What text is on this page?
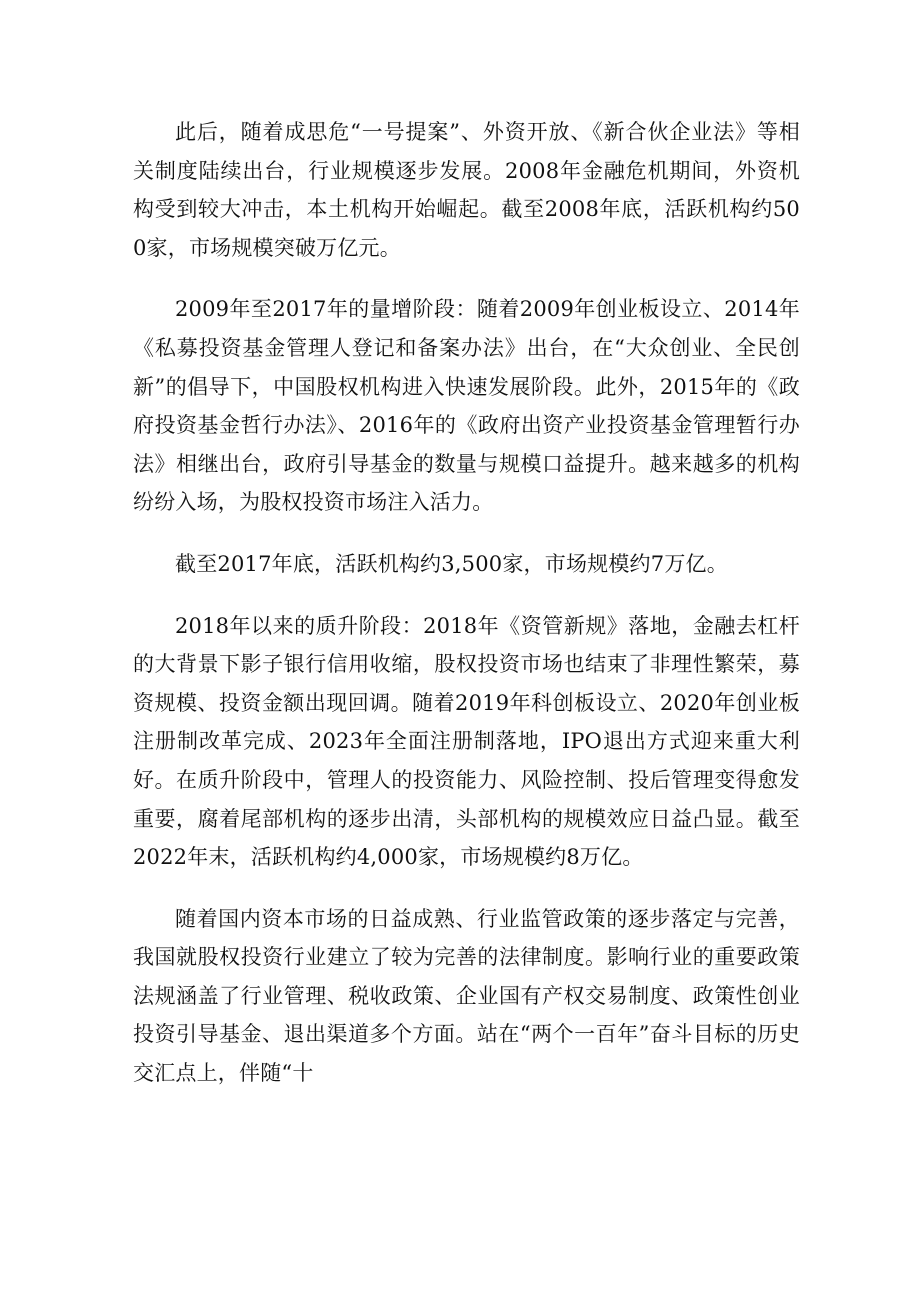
此后，随着成思危“一号提案”、外资开放、《新合伙企业法》等相关制度陆续出台，行业规模逐步发展。2008年金融危机期间，外资机构受到较大冲击，本土机构开始崛起。截至2008年底，活跃机构约500家，市场规模突破万亿元。

2009年至2017年的量增阶段：随着2009年创业板设立、2014年《私募投资基金管理人登记和备案办法》出台，在“大众创业、全民创新”的倡导下，中国股权机构进入快速发展阶段。此外，2015年的《政府投资基金哲行办法》、2016年的《政府出资产业投资基金管理暂行办法》相继出台，政府引导基金的数量与规模口益提升。越来越多的机构纷纷入场，为股权投资市场注入活力。

截至2017年底，活跃机构约3,500家，市场规模约7万亿。

2018年以来的质升阶段：2018年《资管新规》落地，金融去杠杆的大背景下影子银行信用收缩，股权投资市场也结束了非理性繁荣，募资规模、投资金额出现回调。随着2019年科创板设立、2020年创业板注册制改革完成、2023年全面注册制落地，IPO退出方式迎来重大利好。在质升阶段中，管理人的投资能力、风险控制、投后管理变得愈发重要，腐着尾部机构的逐步出清，头部机构的规模效应日益凸显。截至2022年末，活跃机构约4,000家，市场规模约8万亿。

随着国内资本市场的日益成熟、行业监管政策的逐步落定与完善，我国就股权投资行业建立了较为完善的法律制度。影响行业的重要政策法规涵盖了行业管理、税收政策、企业国有产权交易制度、政策性创业投资引导基金、退出渠道多个方面。站在“两个一百年”奋斗目标的历史交汇点上，伴随“十
